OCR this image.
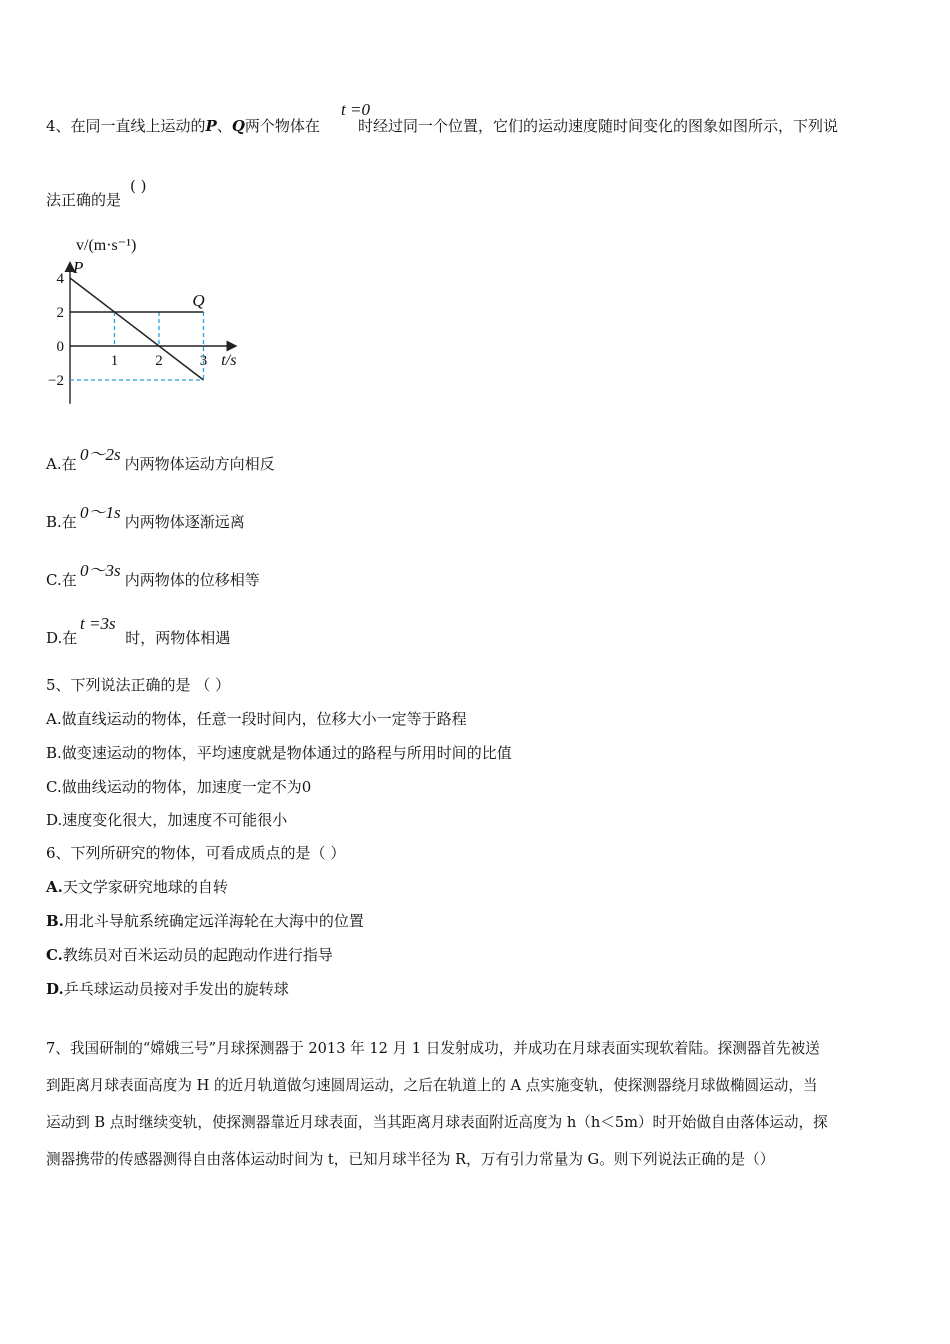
4、在同一直线上运动的P、Q两个物体在	时经过同一个位置，它们的运动速度随时间变化的图象如图所示，下列说
t =0
法正确的是
( )
v/(m·s⁻¹)
t/s
4
2
0
−2
1 2 3
P
Q
A.在	内两物体运动方向相反
0～2s
B.在	内两物体逐渐远离
0～1s
C.在	内两物体的位移相等
0～3s
D.在	时，两物体相遇
t =3s
5、下列说法正确的是 （ ）
A.做直线运动的物体，任意一段时间内，位移大小一定等于路程
B.做变速运动的物体，平均速度就是物体通过的路程与所用时间的比值
C.做曲线运动的物体，加速度一定不为0
D.速度变化很大，加速度不可能很小
6、下列所研究的物体，可看成质点的是（ ）
A.天文学家研究地球的自转
B.用北斗导航系统确定远洋海轮在大海中的位置
C.教练员对百米运动员的起跑动作进行指导
D.乒乓球运动员接对手发出的旋转球
7、我国研制的“嫦娥三号”月球探测器于 2013 年 12 月 1 日发射成功，并成功在月球表面实现软着陆。探测器首先被送
到距离月球表面高度为 H 的近月轨道做匀速圆周运动，之后在轨道上的 A 点实施变轨，使探测器绕月球做椭圆运动，当
运动到 B 点时继续变轨，使探测器靠近月球表面，当其距离月球表面附近高度为 h（h＜5m）时开始做自由落体运动，探
测器携带的传感器测得自由落体运动时间为 t，已知月球半径为 R，万有引力常量为 G。则下列说法正确的是（）
